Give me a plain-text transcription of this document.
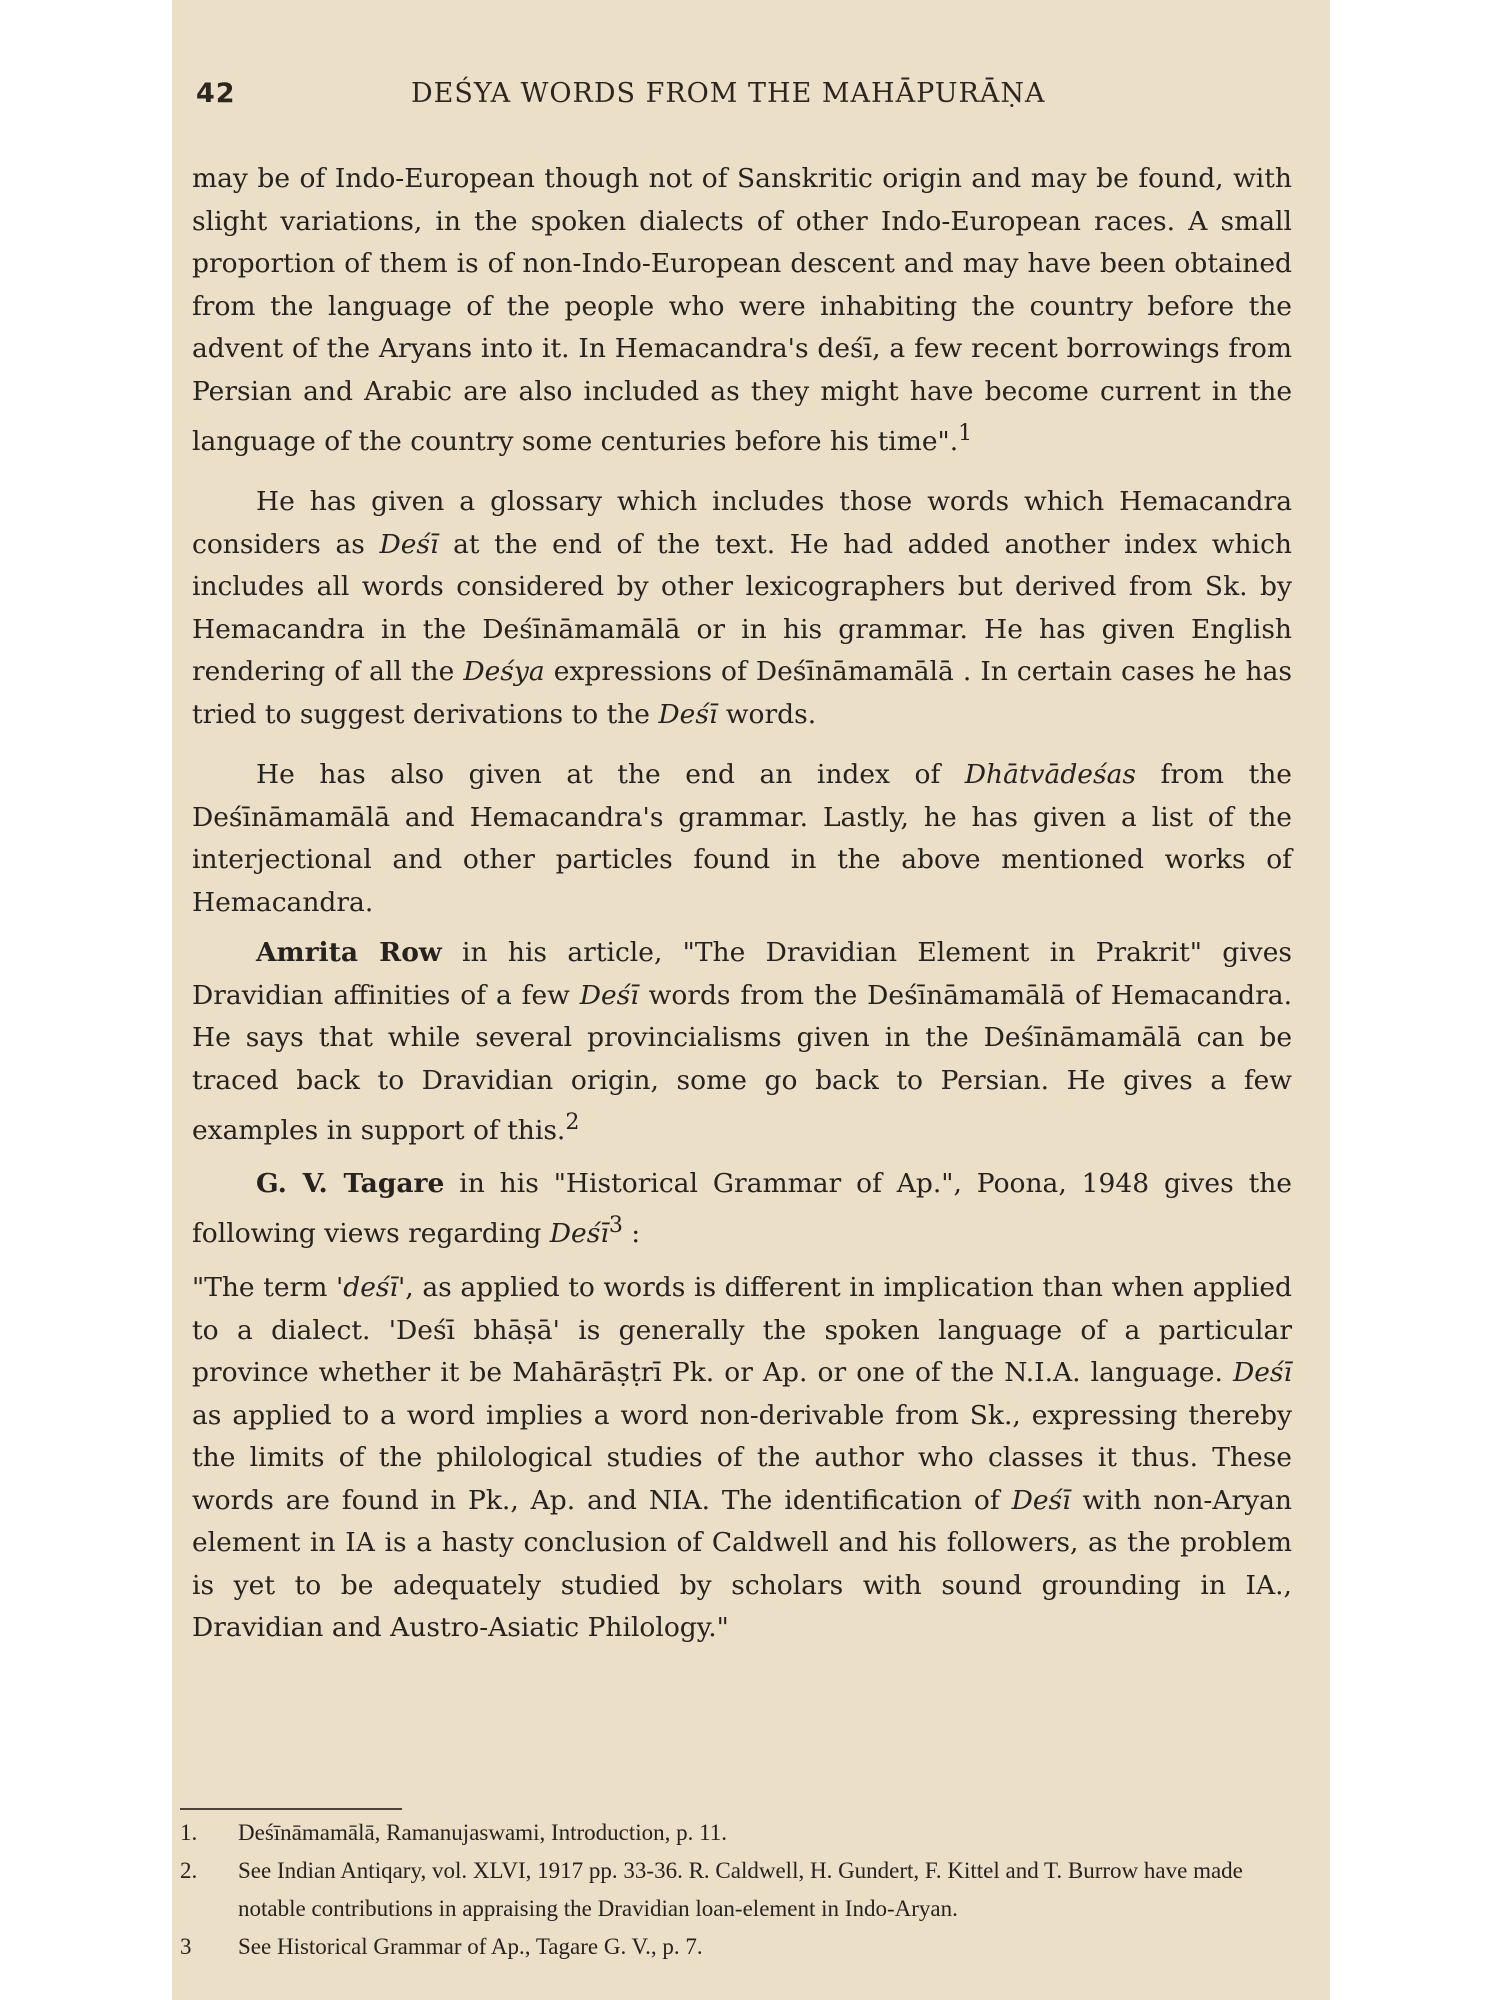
42	DEŚYA WORDS FROM THE MAHĀPURĀṆA

may be of Indo-European though not of Sanskritic origin and may be found, with slight variations, in the spoken dialects of other Indo-European races. A small proportion of them is of non-Indo-European descent and may have been obtained from the language of the people who were inhabiting the country before the advent of the Aryans into it. In Hemacandra's deśī, a few recent borrowings from Persian and Arabic are also included as they might have become current in the language of the country some centuries before his time".$^1$

He has given a glossary which includes those words which Hemacandra considers as Deśī at the end of the text. He had added another index which includes all words considered by other lexicographers but derived from Sk. by Hemacandra in the Deśīnāmamālā or in his grammar. He has given English rendering of all the Deśya expressions of Deśīnāmamālā . In certain cases he has tried to suggest derivations to the Deśī words.

He has also given at the end an index of Dhātvādeśas from the Deśīnāmamālā and Hemacandra's grammar. Lastly, he has given a list of the interjectional and other particles found in the above mentioned works of Hemacandra.

Amrita Row in his article, "The Dravidian Element in Prakrit" gives Dravidian affinities of a few Deśī words from the Deśīnāmamālā of Hemacandra. He says that while several provincialisms given in the Deśīnāmamālā can be traced back to Dravidian origin, some go back to Persian. He gives a few examples in support of this.$^2$

G. V. Tagare in his "Historical Grammar of Ap.", Poona, 1948 gives the following views regarding Deśī$^3$ :

"The term 'deśī', as applied to words is different in implication than when applied to a dialect. 'Deśī bhāṣā' is generally the spoken language of a particular province whether it be Mahārāṣṭrī Pk. or Ap. or one of the N.I.A. language. Deśī as applied to a word implies a word non-derivable from Sk., expressing thereby the limits of the philological studies of the author who classes it thus. These words are found in Pk., Ap. and NIA. The identification of Deśī with non-Aryan element in IA is a hasty conclusion of Caldwell and his followers, as the problem is yet to be adequately studied by scholars with sound grounding in IA., Dravidian and Austro-Asiatic Philology."

1.	Deśīnāmamālā, Ramanujaswami, Introduction, p. 11.
2.	See Indian Antiqary, vol. XLVI, 1917 pp. 33-36. R. Caldwell, H. Gundert, F. Kittel and T. Burrow have made notable contributions in appraising the Dravidian loan-element in Indo-Aryan.
3	See Historical Grammar of Ap., Tagare G. V., p. 7.
